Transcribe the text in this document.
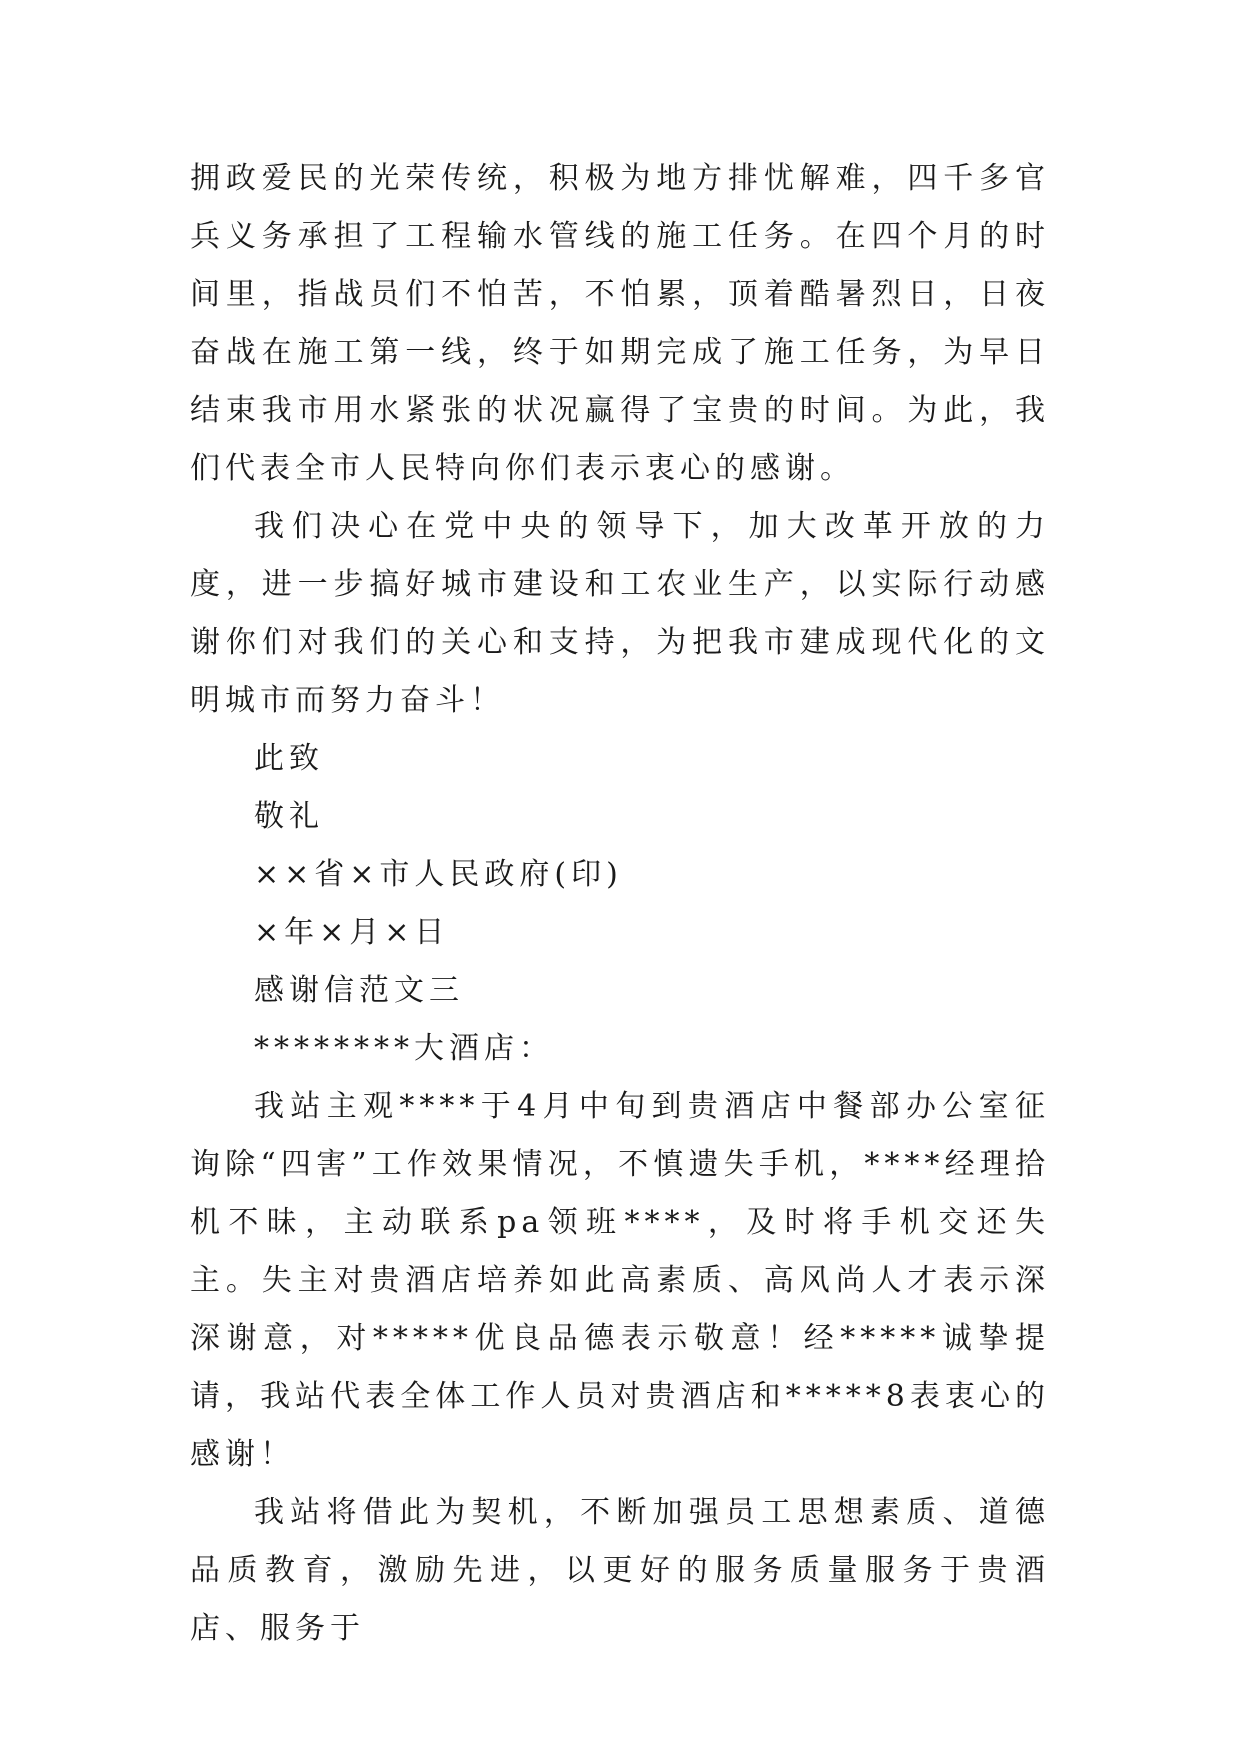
拥政爱民的光荣传统，积极为地方排忧解难，四千多官兵义务承担了工程输水管线的施工任务。在四个月的时间里，指战员们不怕苦，不怕累，顶着酷暑烈日，日夜奋战在施工第一线，终于如期完成了施工任务，为早日结束我市用水紧张的状况赢得了宝贵的时间。为此，我们代表全市人民特向你们表示衷心的感谢。

我们决心在党中央的领导下，加大改革开放的力度，进一步搞好城市建设和工农业生产，以实际行动感谢你们对我们的关心和支持，为把我市建成现代化的文明城市而努力奋斗！

此致

敬礼

××省×市人民政府(印)

×年×月×日

感谢信范文三

********大酒店：

我站主观****于4月中旬到贵酒店中餐部办公室征询除“四害”工作效果情况，不慎遗失手机，****经理拾机不昧，主动联系pa领班****，及时将手机交还失主。失主对贵酒店培养如此高素质、高风尚人才表示深深谢意，对*****优良品德表示敬意！经*****诚挚提请，我站代表全体工作人员对贵酒店和*****8表衷心的感谢！

我站将借此为契机，不断加强员工思想素质、道德品质教育，激励先进，以更好的服务质量服务于贵酒店、服务于
